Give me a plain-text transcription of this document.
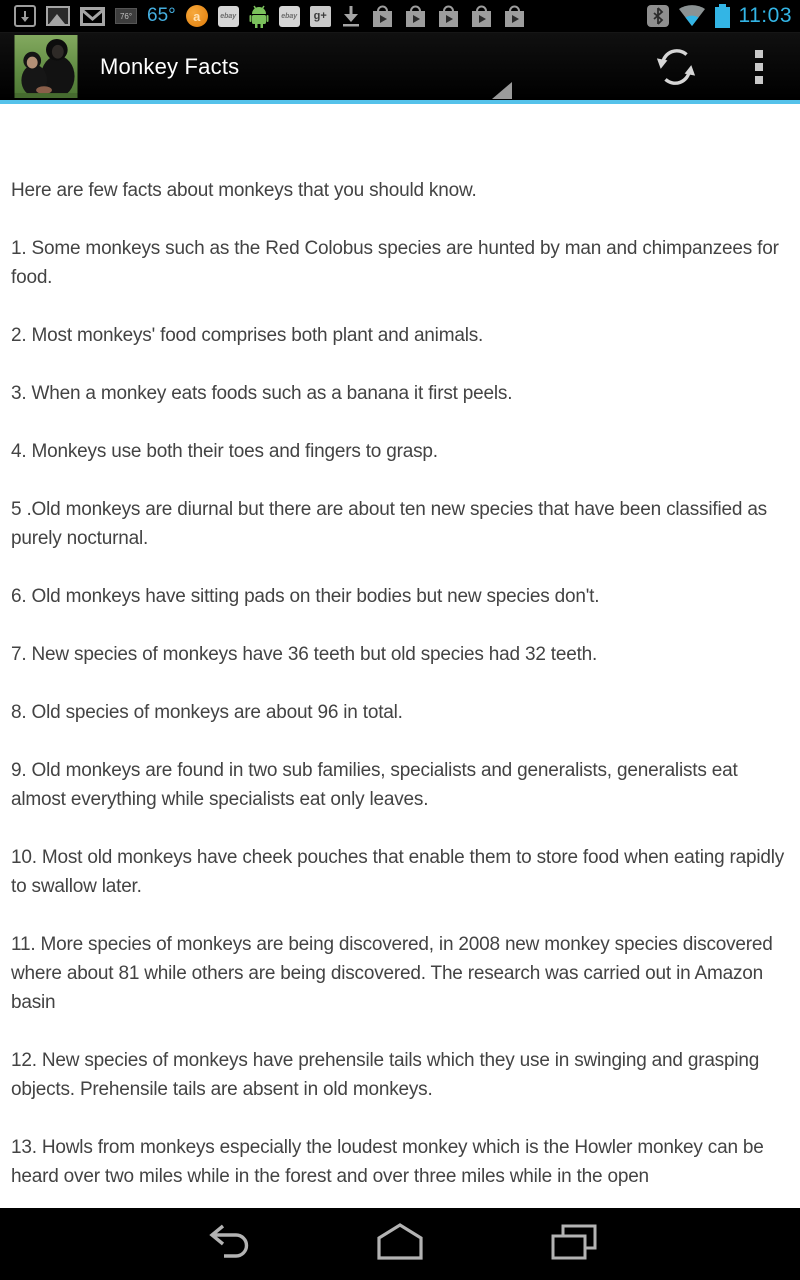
76° 65°	a	ebay	ebay	g+	11:03
Monkey Facts

Here are few facts about monkeys that you should know.

1. Some monkeys such as the Red Colobus species are hunted by man and chimpanzees for food.

2. Most monkeys' food comprises both plant and animals.

3. When a monkey eats foods such as a banana it first peels.

4. Monkeys use both their toes and fingers to grasp.

5 .Old monkeys are diurnal but there are about ten new species that have been classified as purely nocturnal.

6. Old monkeys have sitting pads on their bodies but new species don't.

7. New species of monkeys have 36 teeth but old species had 32 teeth.

8. Old species of monkeys are about 96 in total.

9. Old monkeys are found in two sub families, specialists and generalists, generalists eat almost everything while specialists eat only leaves.

10. Most old monkeys have cheek pouches that enable them to store food when eating rapidly to swallow later.

11. More species of monkeys are being discovered, in 2008 new monkey species discovered where about 81 while others are being discovered. The research was carried out in Amazon basin

12. New species of monkeys have prehensile tails which they use in swinging and grasping objects. Prehensile tails are absent in old monkeys.

13. Howls from monkeys especially the loudest monkey which is the Howler monkey can be heard over two miles while in the forest and over three miles while in the open
